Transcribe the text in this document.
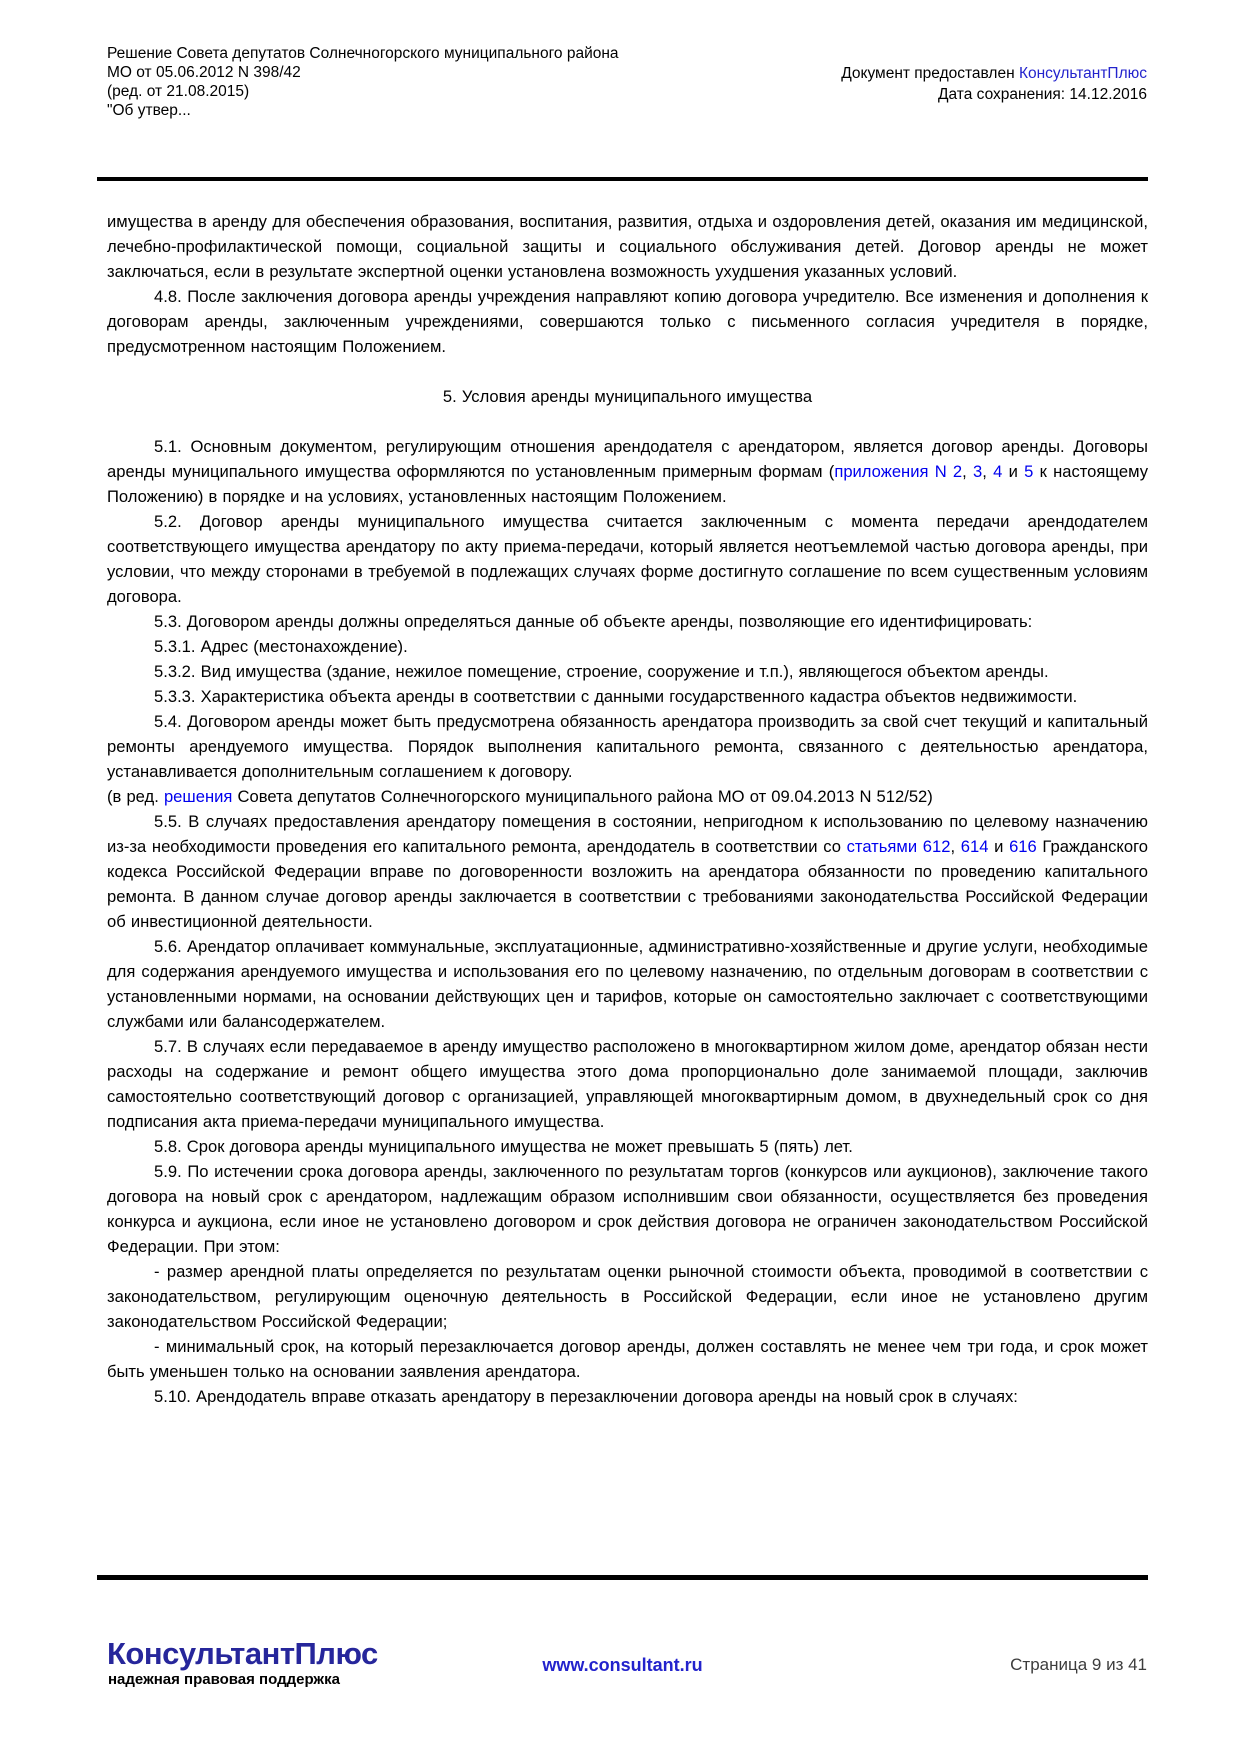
Решение Совета депутатов Солнечногорского муниципального района
МО от 05.06.2012 N 398/42
(ред. от 21.08.2015)
"Об утвер...
Документ предоставлен КонсультантПлюс
Дата сохранения: 14.12.2016
имущества в аренду для обеспечения образования, воспитания, развития, отдыха и оздоровления детей, оказания им медицинской, лечебно-профилактической помощи, социальной защиты и социального обслуживания детей. Договор аренды не может заключаться, если в результате экспертной оценки установлена возможность ухудшения указанных условий.
4.8. После заключения договора аренды учреждения направляют копию договора учредителю. Все изменения и дополнения к договорам аренды, заключенным учреждениями, совершаются только с письменного согласия учредителя в порядке, предусмотренном настоящим Положением.
5. Условия аренды муниципального имущества
5.1. Основным документом, регулирующим отношения арендодателя с арендатором, является договор аренды. Договоры аренды муниципального имущества оформляются по установленным примерным формам (приложения N 2, 3, 4 и 5 к настоящему Положению) в порядке и на условиях, установленных настоящим Положением.
5.2. Договор аренды муниципального имущества считается заключенным с момента передачи арендодателем соответствующего имущества арендатору по акту приема-передачи, который является неотъемлемой частью договора аренды, при условии, что между сторонами в требуемой в подлежащих случаях форме достигнуто соглашение по всем существенным условиям договора.
5.3. Договором аренды должны определяться данные об объекте аренды, позволяющие его идентифицировать:
5.3.1. Адрес (местонахождение).
5.3.2. Вид имущества (здание, нежилое помещение, строение, сооружение и т.п.), являющегося объектом аренды.
5.3.3. Характеристика объекта аренды в соответствии с данными государственного кадастра объектов недвижимости.
5.4. Договором аренды может быть предусмотрена обязанность арендатора производить за свой счет текущий и капитальный ремонты арендуемого имущества. Порядок выполнения капитального ремонта, связанного с деятельностью арендатора, устанавливается дополнительным соглашением к договору.
(в ред. решения Совета депутатов Солнечногорского муниципального района МО от 09.04.2013 N 512/52)
5.5. В случаях предоставления арендатору помещения в состоянии, непригодном к использованию по целевому назначению из-за необходимости проведения его капитального ремонта, арендодатель в соответствии со статьями 612, 614 и 616 Гражданского кодекса Российской Федерации вправе по договоренности возложить на арендатора обязанности по проведению капитального ремонта. В данном случае договор аренды заключается в соответствии с требованиями законодательства Российской Федерации об инвестиционной деятельности.
5.6. Арендатор оплачивает коммунальные, эксплуатационные, административно-хозяйственные и другие услуги, необходимые для содержания арендуемого имущества и использования его по целевому назначению, по отдельным договорам в соответствии с установленными нормами, на основании действующих цен и тарифов, которые он самостоятельно заключает с соответствующими службами или балансодержателем.
5.7. В случаях если передаваемое в аренду имущество расположено в многоквартирном жилом доме, арендатор обязан нести расходы на содержание и ремонт общего имущества этого дома пропорционально доле занимаемой площади, заключив самостоятельно соответствующий договор с организацией, управляющей многоквартирным домом, в двухнедельный срок со дня подписания акта приема-передачи муниципального имущества.
5.8. Срок договора аренды муниципального имущества не может превышать 5 (пять) лет.
5.9. По истечении срока договора аренды, заключенного по результатам торгов (конкурсов или аукционов), заключение такого договора на новый срок с арендатором, надлежащим образом исполнившим свои обязанности, осуществляется без проведения конкурса и аукциона, если иное не установлено договором и срок действия договора не ограничен законодательством Российской Федерации. При этом:
- размер арендной платы определяется по результатам оценки рыночной стоимости объекта, проводимой в соответствии с законодательством, регулирующим оценочную деятельность в Российской Федерации, если иное не установлено другим законодательством Российской Федерации;
- минимальный срок, на который перезаключается договор аренды, должен составлять не менее чем три года, и срок может быть уменьшен только на основании заявления арендатора.
5.10. Арендодатель вправе отказать арендатору в перезаключении договора аренды на новый срок в случаях:
КонсультантПлюс
надежная правовая поддержка
www.consultant.ru	Страница 9 из 41
